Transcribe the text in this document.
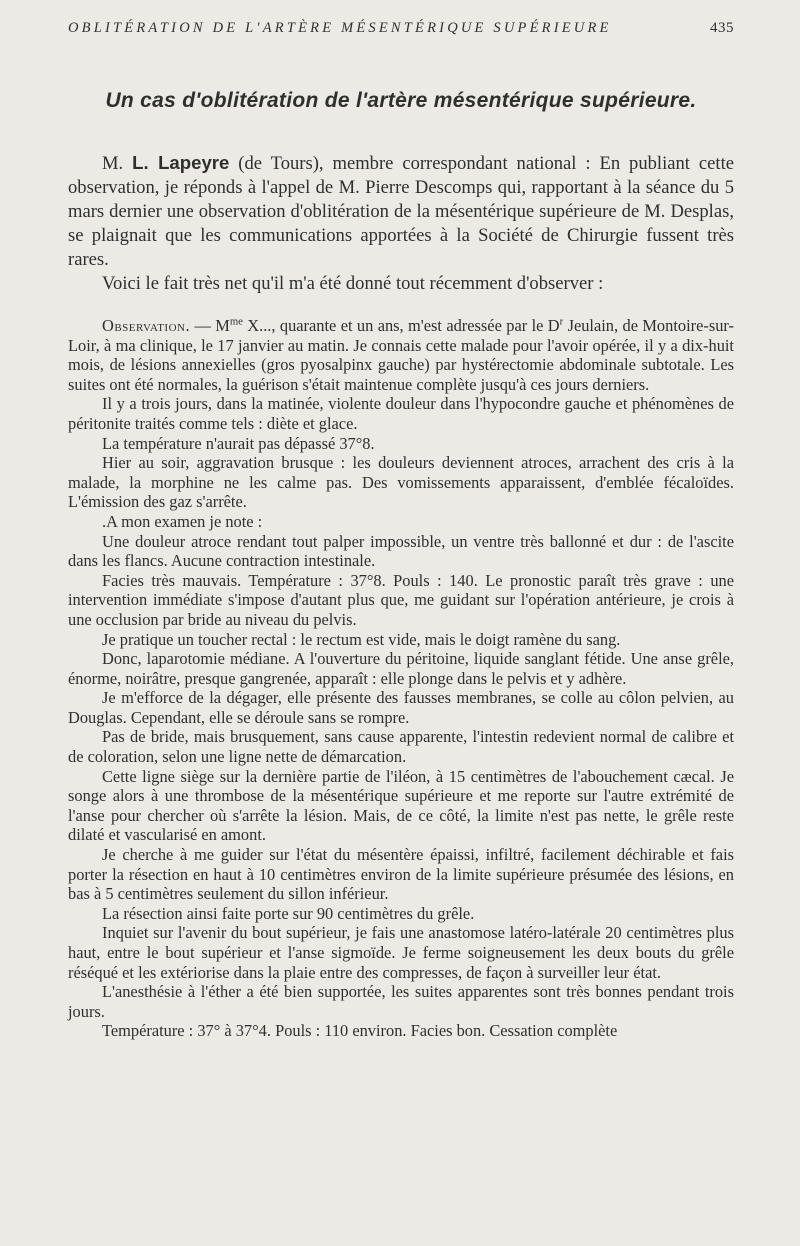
OBLITÉRATION DE L'ARTÈRE MÉSENTÉRIQUE SUPÉRIEURE	435
Un cas d'oblitération de l'artère mésentérique supérieure.

M. L. Lapeyre (de Tours), membre correspondant national : En publiant cette observation, je réponds à l'appel de M. Pierre Descomps qui, rapportant à la séance du 5 mars dernier une observation d'oblitération de la mésentérique supérieure de M. Desplas, se plaignait que les communications apportées à la Société de Chirurgie fussent très rares.

Voici le fait très net qu'il m'a été donné tout récemment d'observer :

Observation. — $M^{me}$ X..., quarante et un ans, m'est adressée par le $D^r$ Jeulain, de Montoire-sur-Loir, à ma clinique, le 17 janvier au matin. Je connais cette malade pour l'avoir opérée, il y a dix-huit mois, de lésions annexielles (gros pyosalpinx gauche) par hystérectomie abdominale subtotale. Les suites ont été normales, la guérison s'était maintenue complète jusqu'à ces jours derniers.

Il y a trois jours, dans la matinée, violente douleur dans l'hypocondre gauche et phénomènes de péritonite traités comme tels : diète et glace.

La température n'aurait pas dépassé 37°8.

Hier au soir, aggravation brusque : les douleurs deviennent atroces, arrachent des cris à la malade, la morphine ne les calme pas. Des vomissements apparaissent, d'emblée fécaloïdes. L'émission des gaz s'arrête.

.A mon examen je note :

Une douleur atroce rendant tout palper impossible, un ventre très ballonné et dur : de l'ascite dans les flancs. Aucune contraction intestinale.

Facies très mauvais. Température : 37°8. Pouls : 140. Le pronostic paraît très grave : une intervention immédiate s'impose d'autant plus que, me guidant sur l'opération antérieure, je crois à une occlusion par bride au niveau du pelvis.

Je pratique un toucher rectal : le rectum est vide, mais le doigt ramène du sang.

Donc, laparotomie médiane. A l'ouverture du péritoine, liquide sanglant fétide. Une anse grêle, énorme, noirâtre, presque gangrenée, apparaît : elle plonge dans le pelvis et y adhère.

Je m'efforce de la dégager, elle présente des fausses membranes, se colle au côlon pelvien, au Douglas. Cependant, elle se déroule sans se rompre.

Pas de bride, mais brusquement, sans cause apparente, l'intestin redevient normal de calibre et de coloration, selon une ligne nette de démarcation.

Cette ligne siège sur la dernière partie de l'iléon, à 15 centimètres de l'abouchement cæcal. Je songe alors à une thrombose de la mésentérique supérieure et me reporte sur l'autre extrémité de l'anse pour chercher où s'arrête la lésion. Mais, de ce côté, la limite n'est pas nette, le grêle reste dilaté et vascularisé en amont.

Je cherche à me guider sur l'état du mésentère épaissi, infiltré, facilement déchirable et fais porter la résection en haut à 10 centimètres environ de la limite supérieure présumée des lésions, en bas à 5 centimètres seulement du sillon inférieur.

La résection ainsi faite porte sur 90 centimètres du grêle.

Inquiet sur l'avenir du bout supérieur, je fais une anastomose latéro-latérale 20 centimètres plus haut, entre le bout supérieur et l'anse sigmoïde. Je ferme soigneusement les deux bouts du grêle réséqué et les extériorise dans la plaie entre des compresses, de façon à surveiller leur état.

L'anesthésie à l'éther a été bien supportée, les suites apparentes sont très bonnes pendant trois jours.

Température : 37° à 37°4. Pouls : 110 environ. Facies bon. Cessation complète
